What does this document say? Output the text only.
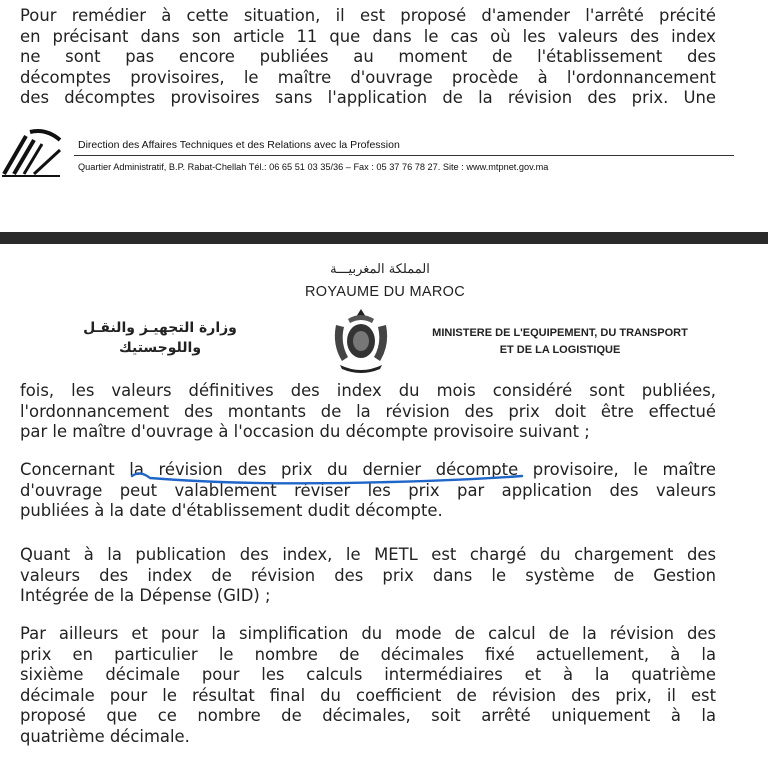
Pour remédier à cette situation, il est proposé d'amender l'arrêté précité
en précisant dans son article 11 que dans le cas où les valeurs des index
ne sont pas encore publiées au moment de l'établissement des
décomptes provisoires, le maître d'ouvrage procède à l'ordonnancement
des décomptes provisoires sans l'application de la révision des prix. Une

Direction des Affaires Techniques et des Relations avec la Profession
Quartier Administratif, B.P. Rabat-Chellah Tél.: 06 65 51 03 35/36 – Fax : 05 37 76 78 27. Site : www.mtpnet.gov.ma
المملكة المغربيـــة
ROYAUME DU MAROC
وزارة التجهيـز والنقـل
واللوجستيك
MINISTERE DE L'EQUIPEMENT, DU TRANSPORT
ET DE LA LOGISTIQUE

fois, les valeurs définitives des index du mois considéré sont publiées,
l'ordonnancement des montants de la révision des prix doit être effectué
par le maître d'ouvrage à l'occasion du décompte provisoire suivant ;

Concernant la révision des prix du dernier décompte provisoire, le maître
d'ouvrage peut valablement réviser les prix par application des valeurs
publiées à la date d'établissement dudit décompte.

Quant à la publication des index, le METL est chargé du chargement des
valeurs des index de révision des prix dans le système de Gestion
Intégrée de la Dépense (GID) ;

Par ailleurs et pour la simplification du mode de calcul de la révision des
prix en particulier le nombre de décimales fixé actuellement, à la
sixième décimale pour les calculs intermédiaires et à la quatrième
décimale pour le résultat final du coefficient de révision des prix, il est
proposé que ce nombre de décimales, soit arrêté uniquement à la
quatrième décimale.
